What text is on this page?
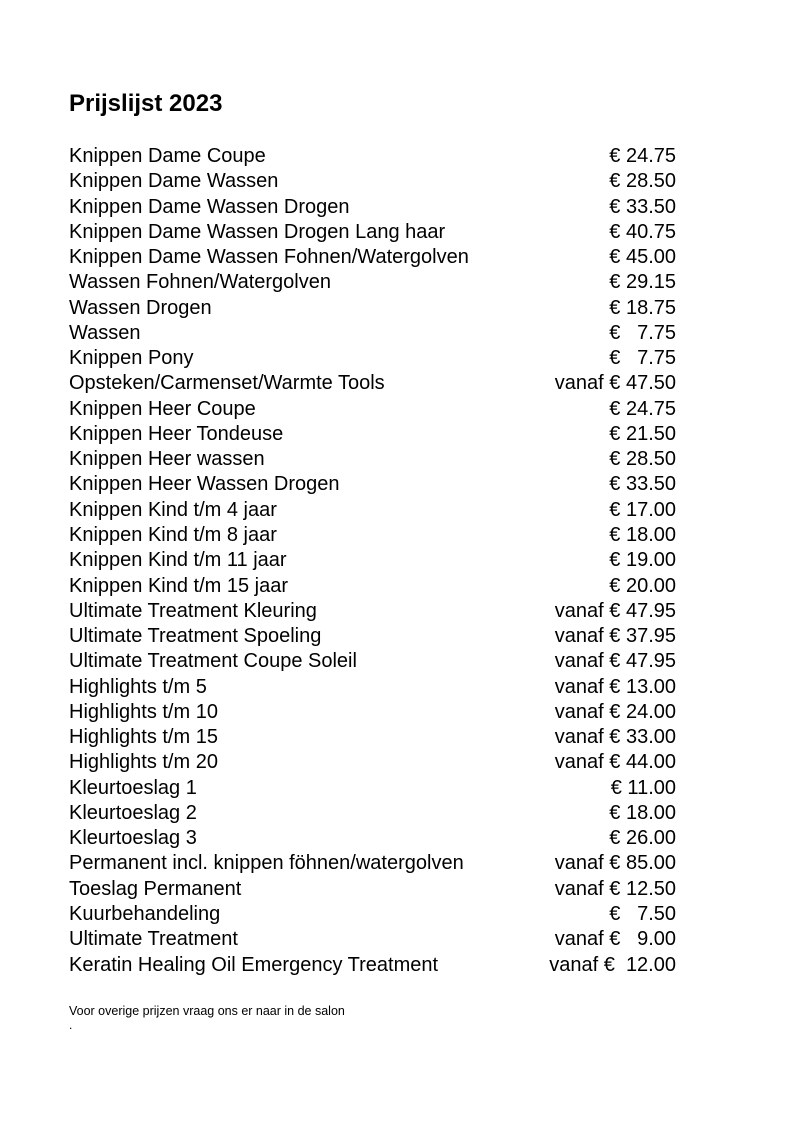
Prijslijst 2023
Knippen Dame Coupe	€ 24.75
Knippen Dame Wassen	€ 28.50
Knippen Dame Wassen Drogen	€ 33.50
Knippen Dame Wassen Drogen Lang haar	€ 40.75
Knippen Dame Wassen Fohnen/Watergolven	€ 45.00
Wassen Fohnen/Watergolven	€ 29.15
Wassen Drogen	€ 18.75
Wassen	€   7.75
Knippen Pony	€   7.75
Opsteken/Carmenset/Warmte Tools	vanaf € 47.50
Knippen Heer Coupe	€ 24.75
Knippen Heer Tondeuse	€ 21.50
Knippen Heer wassen	€ 28.50
Knippen Heer Wassen Drogen	€ 33.50
Knippen Kind t/m 4 jaar	€ 17.00
Knippen Kind t/m 8 jaar	€ 18.00
Knippen Kind t/m 11 jaar	€ 19.00
Knippen Kind t/m 15 jaar	€ 20.00
Ultimate Treatment Kleuring	vanaf € 47.95
Ultimate Treatment Spoeling	vanaf € 37.95
Ultimate Treatment Coupe Soleil	vanaf € 47.95
Highlights t/m 5	vanaf € 13.00
Highlights t/m 10	vanaf € 24.00
Highlights t/m 15	vanaf € 33.00
Highlights t/m 20	vanaf € 44.00
Kleurtoeslag 1	€ 11.00
Kleurtoeslag 2	€ 18.00
Kleurtoeslag 3	€ 26.00
Permanent incl. knippen föhnen/watergolven	vanaf € 85.00
Toeslag Permanent	vanaf € 12.50
Kuurbehandeling	€   7.50
Ultimate Treatment	vanaf €   9.00
Keratin Healing Oil Emergency Treatment	vanaf €  12.00
Voor overige prijzen vraag ons er naar in de salon
.
